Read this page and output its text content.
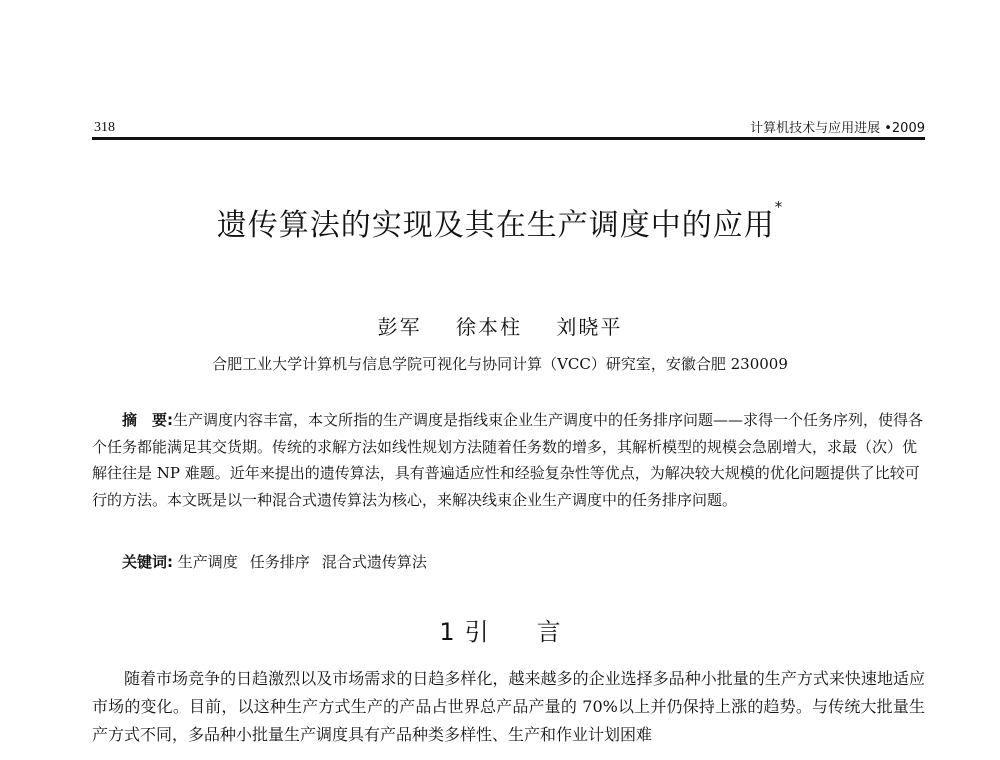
318	计算机技术与应用进展 •2009
遗传算法的实现及其在生产调度中的应用*
彭军 徐本柱 刘晓平
合肥工业大学计算机与信息学院可视化与协同计算（VCC）研究室，安徽合肥 230009
摘　要:生产调度内容丰富，本文所指的生产调度是指线束企业生产调度中的任务排序问题——求得一个任务序列，使得各个任务都能满足其交货期。传统的求解方法如线性规划方法随着任务数的增多，其解析模型的规模会急剧增大，求最（次）优解往往是 NP 难题。近年来提出的遗传算法，具有普遍适应性和经验复杂性等优点，为解决较大规模的优化问题提供了比较可行的方法。本文既是以一种混合式遗传算法为核心，来解决线束企业生产调度中的任务排序问题。
关键词: 生产调度 任务排序 混合式遗传算法
1 引 言
随着市场竞争的日趋激烈以及市场需求的日趋多样化，越来越多的企业选择多品种小批量的生产方式来快速地适应市场的变化。目前，以这种生产方式生产的产品占世界总产品产量的 70%以上并仍保持上涨的趋势。与传统大批量生产方式不同，多品种小批量生产调度具有产品种类多样性、生产和作业计划困难
